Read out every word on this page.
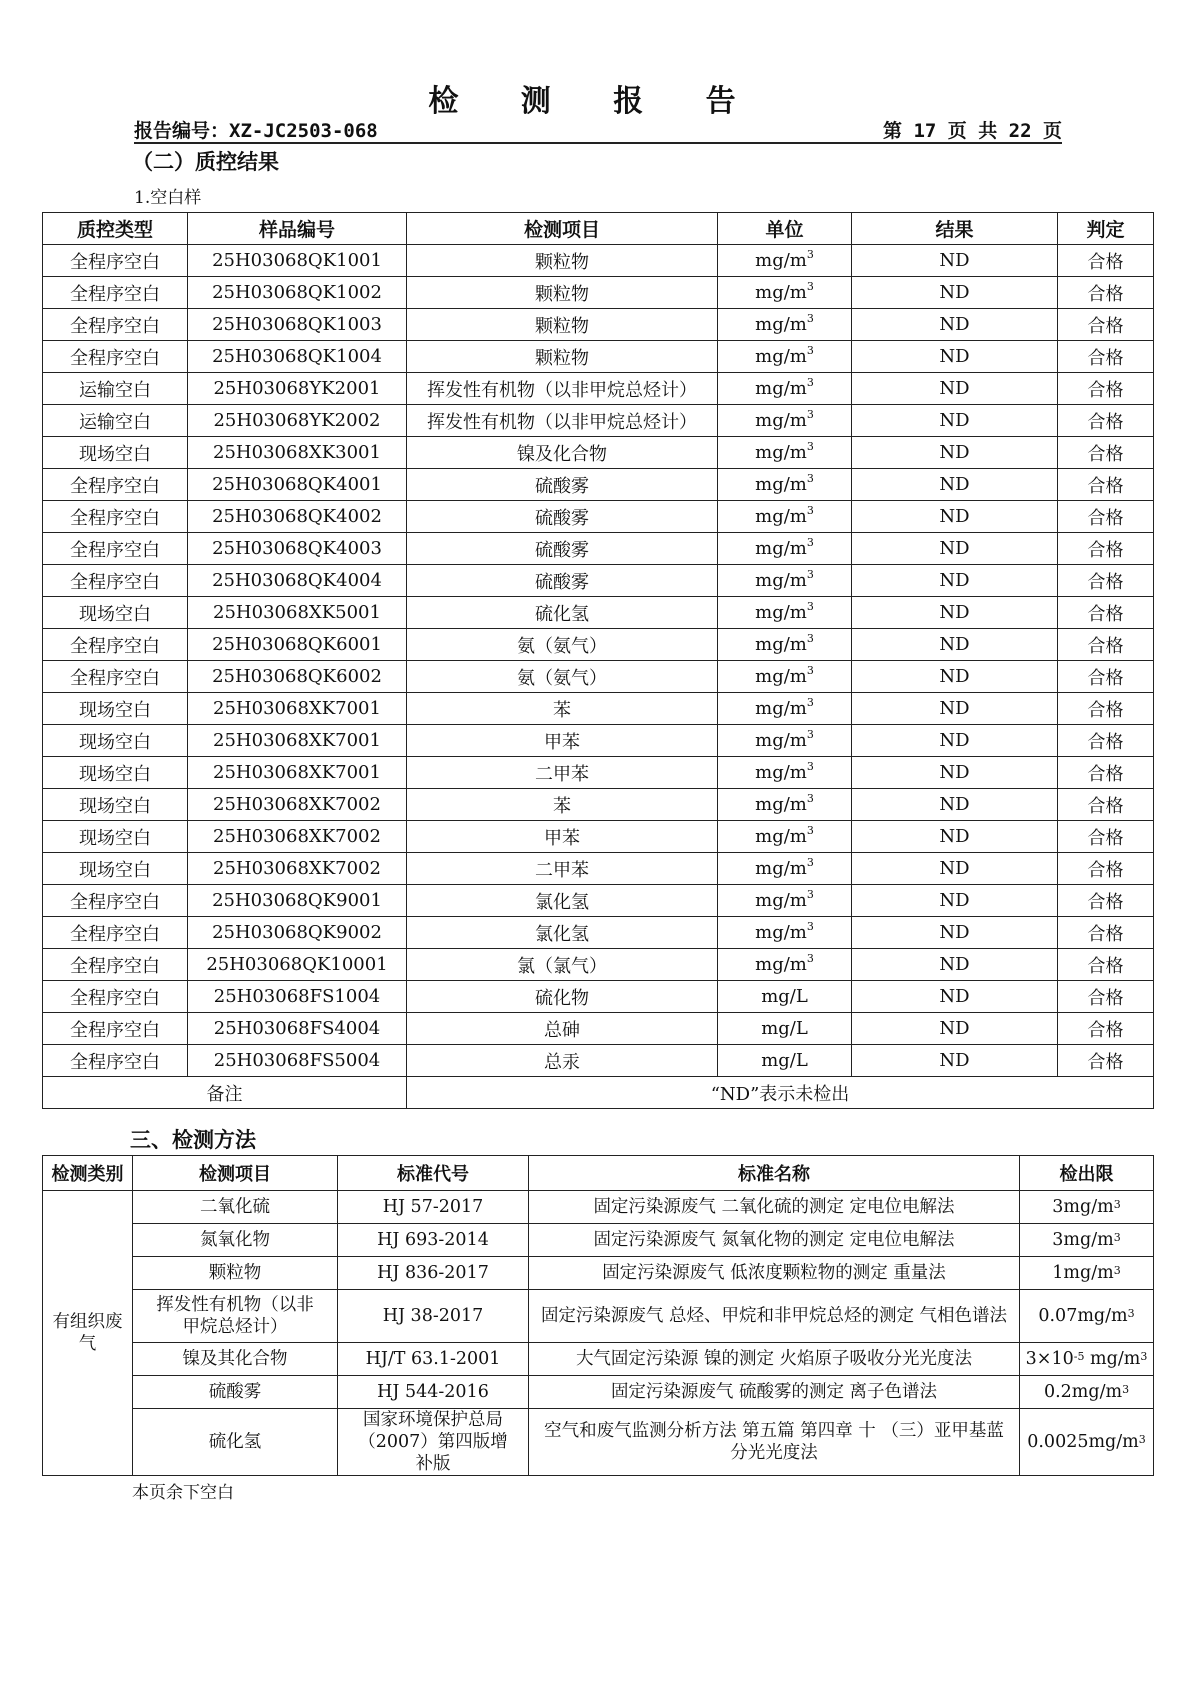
检 测 报 告
报告编号：XZ-JC2503-068	第 17 页 共 22 页
（二）质控结果
1.空白样
质控类型	样品编号	检测项目	单位	结果	判定
全程序空白	25H03068QK1001	颗粒物	$mg/m^3$	ND	合格
全程序空白	25H03068QK1002	颗粒物	$mg/m^3$	ND	合格
全程序空白	25H03068QK1003	颗粒物	$mg/m^3$	ND	合格
全程序空白	25H03068QK1004	颗粒物	$mg/m^3$	ND	合格
运输空白	25H03068YK2001	挥发性有机物（以非甲烷总烃计）	$mg/m^3$	ND	合格
运输空白	25H03068YK2002	挥发性有机物（以非甲烷总烃计）	$mg/m^3$	ND	合格
现场空白	25H03068XK3001	镍及化合物	$mg/m^3$	ND	合格
全程序空白	25H03068QK4001	硫酸雾	$mg/m^3$	ND	合格
全程序空白	25H03068QK4002	硫酸雾	$mg/m^3$	ND	合格
全程序空白	25H03068QK4003	硫酸雾	$mg/m^3$	ND	合格
全程序空白	25H03068QK4004	硫酸雾	$mg/m^3$	ND	合格
现场空白	25H03068XK5001	硫化氢	$mg/m^3$	ND	合格
全程序空白	25H03068QK6001	氨（氨气）	$mg/m^3$	ND	合格
全程序空白	25H03068QK6002	氨（氨气）	$mg/m^3$	ND	合格
现场空白	25H03068XK7001	苯	$mg/m^3$	ND	合格
现场空白	25H03068XK7001	甲苯	$mg/m^3$	ND	合格
现场空白	25H03068XK7001	二甲苯	$mg/m^3$	ND	合格
现场空白	25H03068XK7002	苯	$mg/m^3$	ND	合格
现场空白	25H03068XK7002	甲苯	$mg/m^3$	ND	合格
现场空白	25H03068XK7002	二甲苯	$mg/m^3$	ND	合格
全程序空白	25H03068QK9001	氯化氢	$mg/m^3$	ND	合格
全程序空白	25H03068QK9002	氯化氢	$mg/m^3$	ND	合格
全程序空白	25H03068QK10001	氯（氯气）	$mg/m^3$	ND	合格
全程序空白	25H03068FS1004	硫化物	mg/L	ND	合格
全程序空白	25H03068FS4004	总砷	mg/L	ND	合格
全程序空白	25H03068FS5004	总汞	mg/L	ND	合格
备注		“ND”表示未检出			
三、检测方法
检测类别	检测项目	标准代号	标准名称	检出限
有组织废气	二氧化硫	HJ 57-2017	固定污染源废气 二氧化硫的测定 定电位电解法	$3mg/m^3$
	氮氧化物	HJ 693-2014	固定污染源废气 氮氧化物的测定 定电位电解法	$3mg/m^3$
	颗粒物	HJ 836-2017	固定污染源废气 低浓度颗粒物的测定 重量法	$1mg/m^3$
	挥发性有机物（以非甲烷总烃计）	HJ 38-2017	固定污染源废气 总烃、甲烷和非甲烷总烃的测定 气相色谱法	$0.07mg/m^3$
	镍及其化合物	HJ/T 63.1-2001	大气固定污染源 镍的测定 火焰原子吸收分光光度法	$3\times 10^{-5}$ $mg/m^3$
	硫酸雾	HJ 544-2016	固定污染源废气 硫酸雾的测定 离子色谱法	$0.2mg/m^3$
	硫化氢	国家环境保护总局（2007）第四版增补版	空气和废气监测分析方法 第五篇 第四章 十 （三）亚甲基蓝分光光度法	$0.0025mg/m^3$
本页余下空白
